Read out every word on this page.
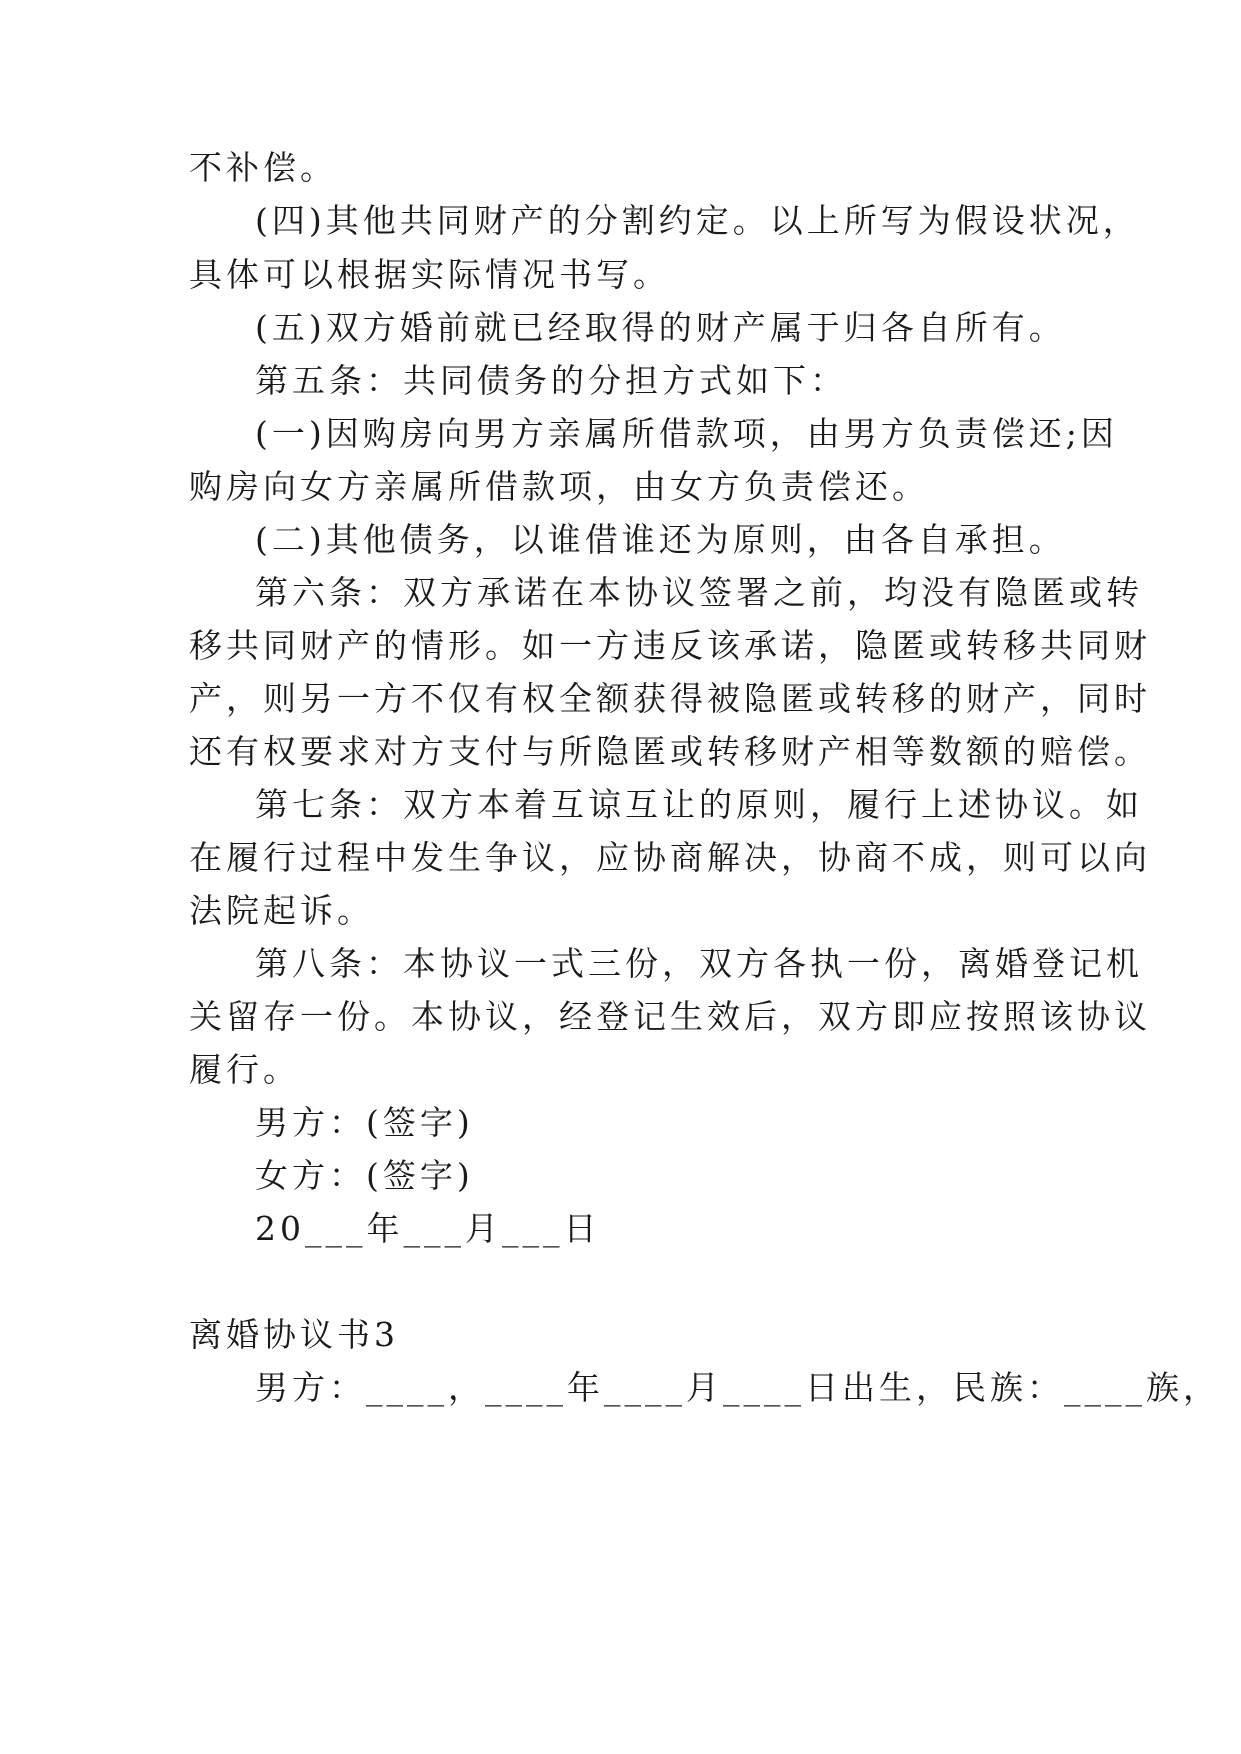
不补偿。
(四)其他共同财产的分割约定。以上所写为假设状况，
具体可以根据实际情况书写。
(五)双方婚前就已经取得的财产属于归各自所有。
第五条：共同债务的分担方式如下：
(一)因购房向男方亲属所借款项，由男方负责偿还;因
购房向女方亲属所借款项，由女方负责偿还。
(二)其他债务，以谁借谁还为原则，由各自承担。
第六条：双方承诺在本协议签署之前，均没有隐匿或转
移共同财产的情形。如一方违反该承诺，隐匿或转移共同财
产，则另一方不仅有权全额获得被隐匿或转移的财产，同时
还有权要求对方支付与所隐匿或转移财产相等数额的赔偿。
第七条：双方本着互谅互让的原则，履行上述协议。如
在履行过程中发生争议，应协商解决，协商不成，则可以向
法院起诉。
第八条：本协议一式三份，双方各执一份，离婚登记机
关留存一份。本协议，经登记生效后，双方即应按照该协议
履行。
男方：(签字)
女方：(签字)
20___年___月___日
离婚协议书3
男方：____，____年____月____日出生，民族：____族，
